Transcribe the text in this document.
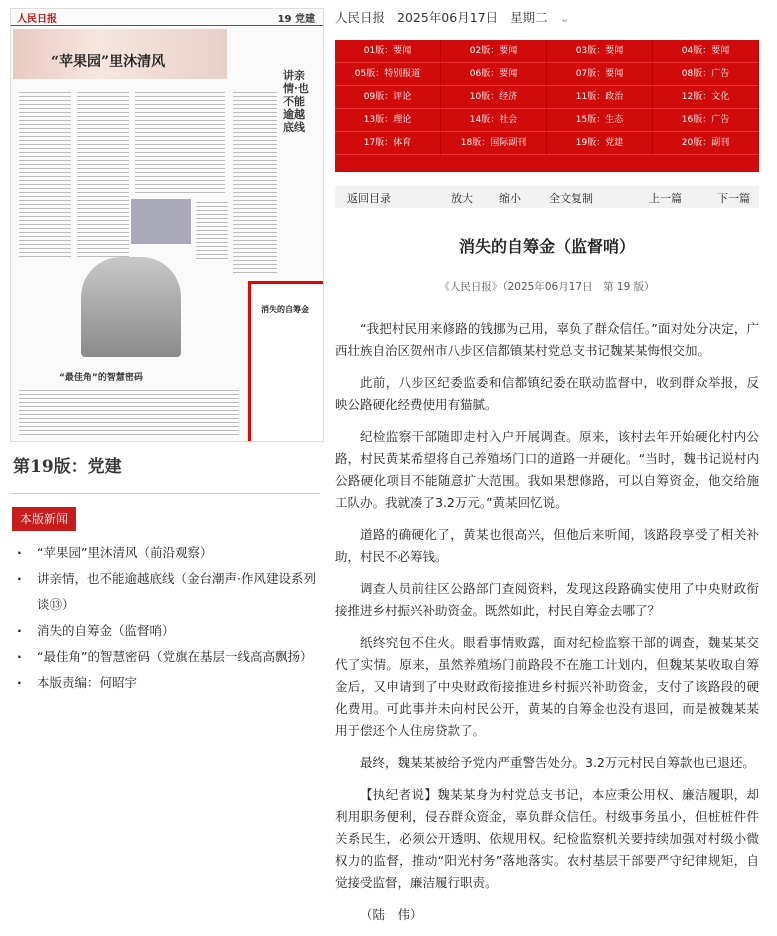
人民日报	19 党建
“苹果园”里沐清风
讲亲情·也不能逾越底线
“最佳角”的智慧密码
消失的自筹金
第19版：党建
本版新闻
· “苹果园”里沐清风（前沿观察）
· 讲亲情，也不能逾越底线（金台潮声·作风建设系列谈⑬）
· 消失的自筹金（监督哨）
· “最佳角”的智慧密码（党旗在基层一线高高飘扬）
· 本版责编：何昭宇
人民日报 2025年06月17日 星期二 ⌄
01版：要闻	02版：要闻	03版：要闻	04版：要闻
05版：特别报道	06版：要闻	07版：要闻	08版：广告
09版：评论	10版：经济	11版：政治	12版：文化
13版：理论	14版：社会	15版：生态	16版：广告
17版：体育	18版：国际副刊	19版：党建	20版：副刊
返回目录	放大 缩小	全文复制	上一篇	下一篇
消失的自筹金（监督哨）
《人民日报》（2025年06月17日　第 19 版）

“我把村民用来修路的钱挪为己用，辜负了群众信任。”面对处分决定，广西壮族自治区贺州市八步区信都镇某村党总支书记魏某某悔恨交加。

此前，八步区纪委监委和信都镇纪委在联动监督中，收到群众举报，反映公路硬化经费使用有猫腻。

纪检监察干部随即走村入户开展调查。原来，该村去年开始硬化村内公路，村民黄某希望将自己养殖场门口的道路一并硬化。“当时，魏书记说村内公路硬化项目不能随意扩大范围。我如果想修路，可以自筹资金，他交给施工队办。我就凑了3.2万元。”黄某回忆说。

道路的确硬化了，黄某也很高兴，但他后来听闻，该路段享受了相关补助，村民不必筹钱。

调查人员前往区公路部门查阅资料，发现这段路确实使用了中央财政衔接推进乡村振兴补助资金。既然如此，村民自筹金去哪了？

纸终究包不住火。眼看事情败露，面对纪检监察干部的调查，魏某某交代了实情。原来，虽然养殖场门前路段不在施工计划内，但魏某某收取自筹金后，又申请到了中央财政衔接推进乡村振兴补助资金，支付了该路段的硬化费用。可此事并未向村民公开，黄某的自筹金也没有退回，而是被魏某某用于偿还个人住房贷款了。

最终，魏某某被给予党内严重警告处分。3.2万元村民自筹款也已退还。

【执纪者说】魏某某身为村党总支书记，本应秉公用权、廉洁履职，却利用职务便利，侵吞群众资金，辜负群众信任。村级事务虽小，但桩桩件件关系民生，必须公开透明、依规用权。纪检监察机关要持续加强对村级小微权力的监督，推动“阳光村务”落地落实。农村基层干部要严守纪律规矩，自觉接受监督，廉洁履行职责。

（陆　伟）
